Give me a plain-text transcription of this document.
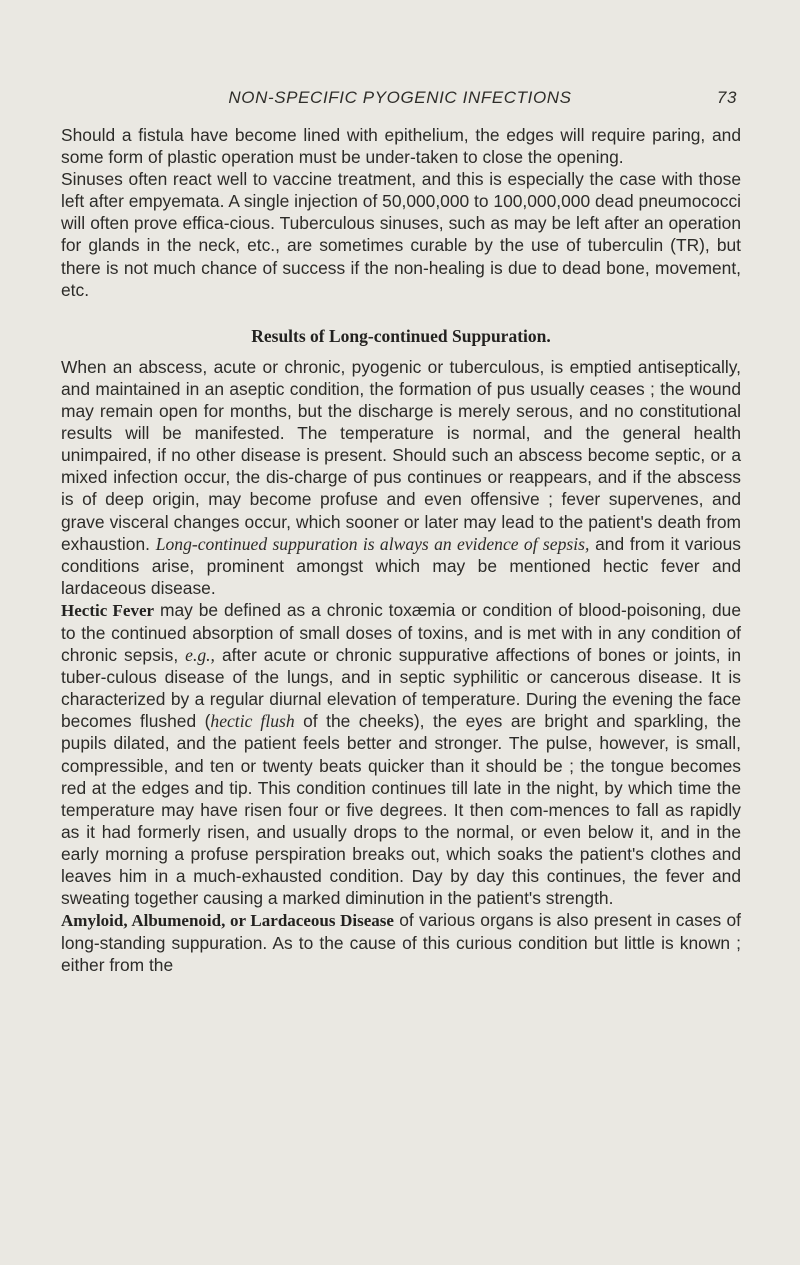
NON-SPECIFIC PYOGENIC INFECTIONS	73

Should a fistula have become lined with epithelium, the edges will require paring, and some form of plastic operation must be under-taken to close the opening.

Sinuses often react well to vaccine treatment, and this is especially the case with those left after empyemata. A single injection of 50,000,000 to 100,000,000 dead pneumococci will often prove effica-cious. Tuberculous sinuses, such as may be left after an operation for glands in the neck, etc., are sometimes curable by the use of tuberculin (TR), but there is not much chance of success if the non-healing is due to dead bone, movement, etc.

Results of Long-continued Suppuration.

When an abscess, acute or chronic, pyogenic or tuberculous, is emptied antiseptically, and maintained in an aseptic condition, the formation of pus usually ceases ; the wound may remain open for months, but the discharge is merely serous, and no constitutional results will be manifested. The temperature is normal, and the general health unimpaired, if no other disease is present. Should such an abscess become septic, or a mixed infection occur, the dis-charge of pus continues or reappears, and if the abscess is of deep origin, may become profuse and even offensive ; fever supervenes, and grave visceral changes occur, which sooner or later may lead to the patient's death from exhaustion. Long-continued suppuration is always an evidence of sepsis, and from it various conditions arise, prominent amongst which may be mentioned hectic fever and lardaceous disease.

Hectic Fever may be defined as a chronic toxæmia or condition of blood-poisoning, due to the continued absorption of small doses of toxins, and is met with in any condition of chronic sepsis, e.g., after acute or chronic suppurative affections of bones or joints, in tuber-culous disease of the lungs, and in septic syphilitic or cancerous disease. It is characterized by a regular diurnal elevation of temperature. During the evening the face becomes flushed (hectic flush of the cheeks), the eyes are bright and sparkling, the pupils dilated, and the patient feels better and stronger. The pulse, however, is small, compressible, and ten or twenty beats quicker than it should be ; the tongue becomes red at the edges and tip. This condition continues till late in the night, by which time the temperature may have risen four or five degrees. It then com-mences to fall as rapidly as it had formerly risen, and usually drops to the normal, or even below it, and in the early morning a profuse perspiration breaks out, which soaks the patient's clothes and leaves him in a much-exhausted condition. Day by day this continues, the fever and sweating together causing a marked diminution in the patient's strength.

Amyloid, Albumenoid, or Lardaceous Disease of various organs is also present in cases of long-standing suppuration. As to the cause of this curious condition but little is known ; either from the
